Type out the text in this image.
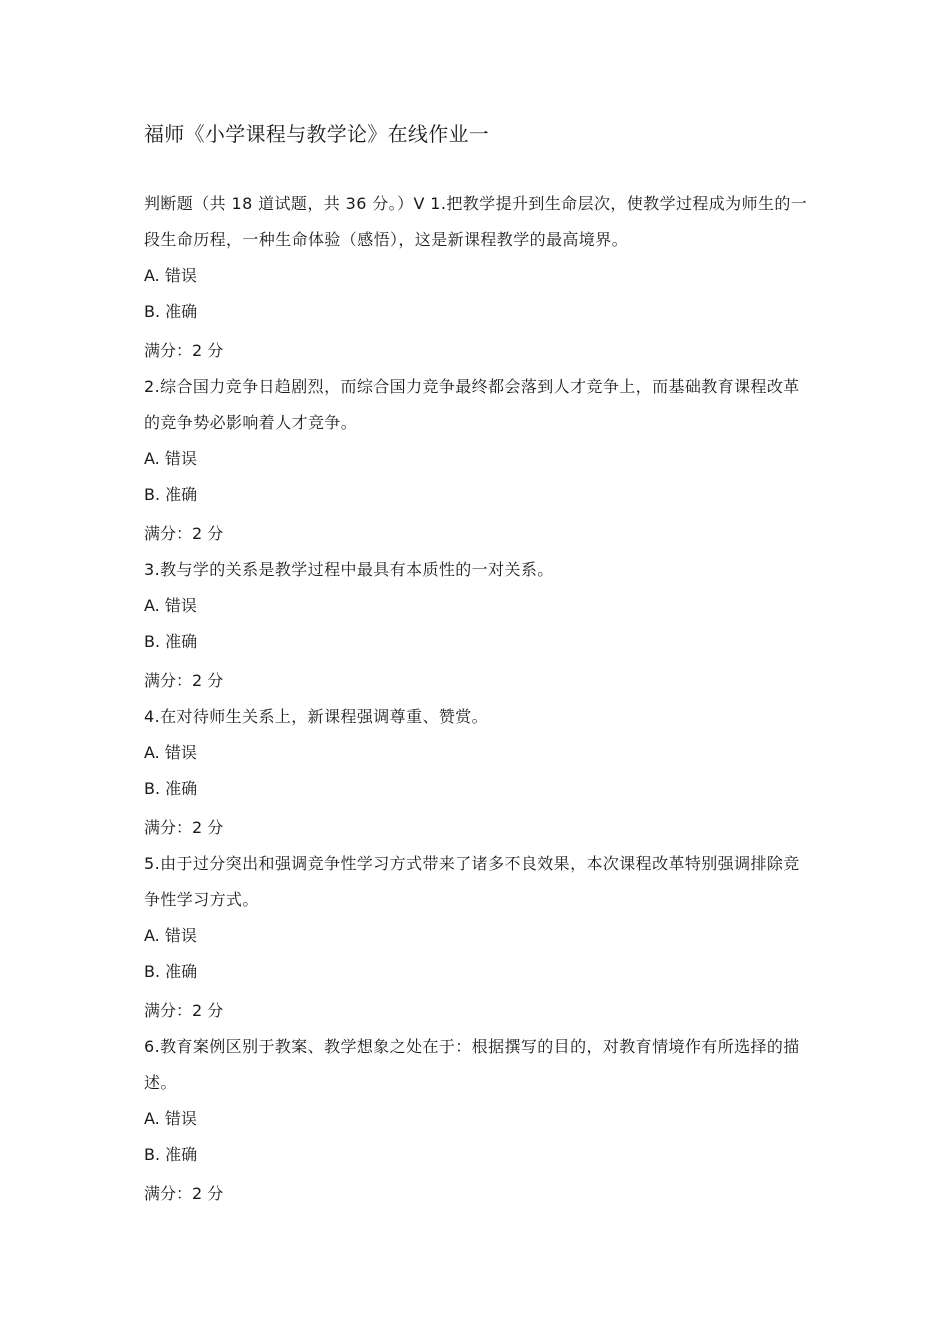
福师《小学课程与教学论》在线作业一

判断题（共 18 道试题，共 36 分。）V 1.把教学提升到生命层次，使教学过程成为师生的一段生命历程，一种生命体验（感悟），这是新课程教学的最高境界。

A. 错误

B. 准确

满分：2 分

2.综合国力竞争日趋剧烈，而综合国力竞争最终都会落到人才竞争上，而基础教育课程改革的竞争势必影响着人才竞争。

A. 错误

B. 准确

满分：2 分

3.教与学的关系是教学过程中最具有本质性的一对关系。

A. 错误

B. 准确

满分：2 分

4.在对待师生关系上，新课程强调尊重、赞赏。

A. 错误

B. 准确

满分：2 分

5.由于过分突出和强调竞争性学习方式带来了诸多不良效果，本次课程改革特别强调排除竞争性学习方式。

A. 错误

B. 准确

满分：2 分

6.教育案例区别于教案、教学想象之处在于：根据撰写的目的，对教育情境作有所选择的描述。

A. 错误

B. 准确

满分：2 分
